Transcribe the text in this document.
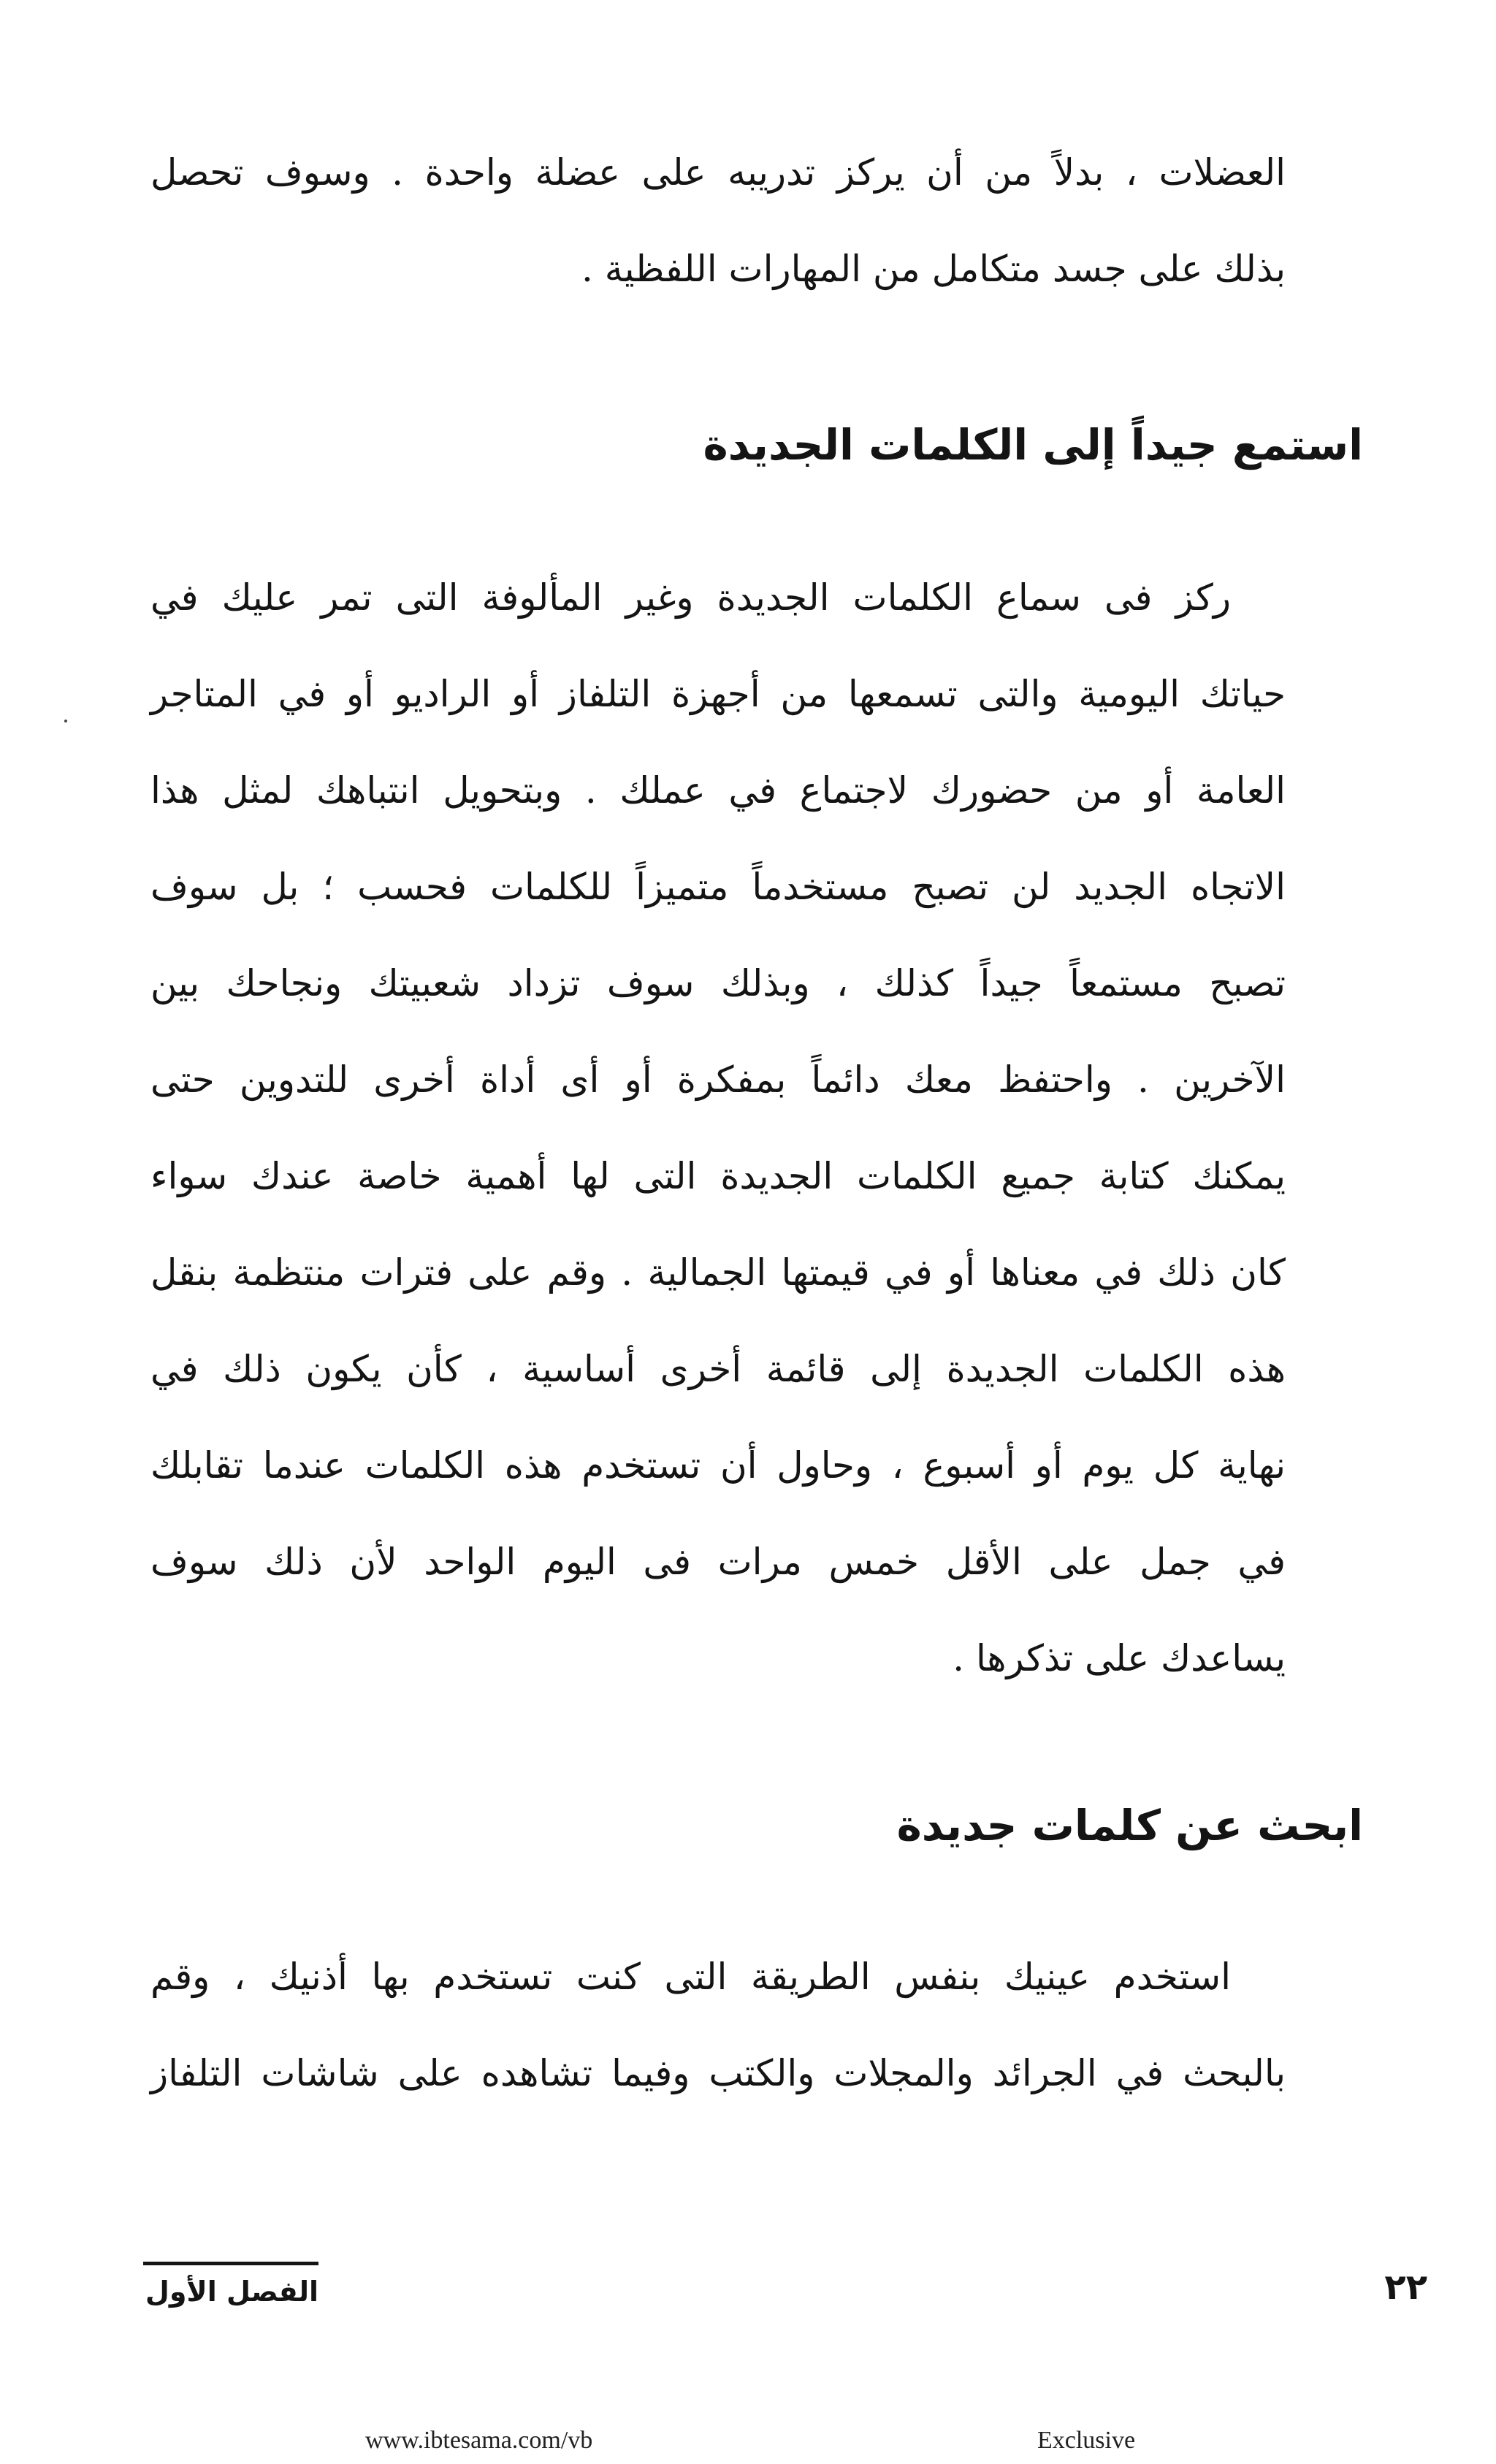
العضلات ، بدلاً من أن يركز تدريبه على عضلة واحدة . وسوف تحصل
بذلك على جسد متكامل من المهارات اللفظية .
استمع جيداً إلى الكلمات الجديدة
ركز فى سماع الكلمات الجديدة وغير المألوفة التى تمر عليك في
حياتك اليومية والتى تسمعها من أجهزة التلفاز أو الراديو أو في المتاجر
العامة أو من حضورك لاجتماع في عملك . وبتحويل انتباهك لمثل هذا
الاتجاه الجديد لن تصبح مستخدماً متميزاً للكلمات فحسب ؛ بل سوف
تصبح مستمعاً جيداً كذلك ، وبذلك سوف تزداد شعبيتك ونجاحك بين
الآخرين . واحتفظ معك دائماً بمفكرة أو أى أداة أخرى للتدوين حتى
يمكنك كتابة جميع الكلمات الجديدة التى لها أهمية خاصة عندك سواء
كان ذلك في معناها أو في قيمتها الجمالية . وقم على فترات منتظمة بنقل
هذه الكلمات الجديدة إلى قائمة أخرى أساسية ، كأن يكون ذلك في
نهاية كل يوم أو أسبوع ، وحاول أن تستخدم هذه الكلمات عندما تقابلك
في جمل على الأقل خمس مرات فى اليوم الواحد لأن ذلك سوف
يساعدك على تذكرها .
ابحث عن كلمات جديدة
استخدم عينيك بنفس الطريقة التى كنت تستخدم بها أذنيك ، وقم
بالبحث في الجرائد والمجلات والكتب وفيما تشاهده على شاشات التلفاز

الفصل الأول	٢٢

www.ibtesama.com/vb	Exclusive
